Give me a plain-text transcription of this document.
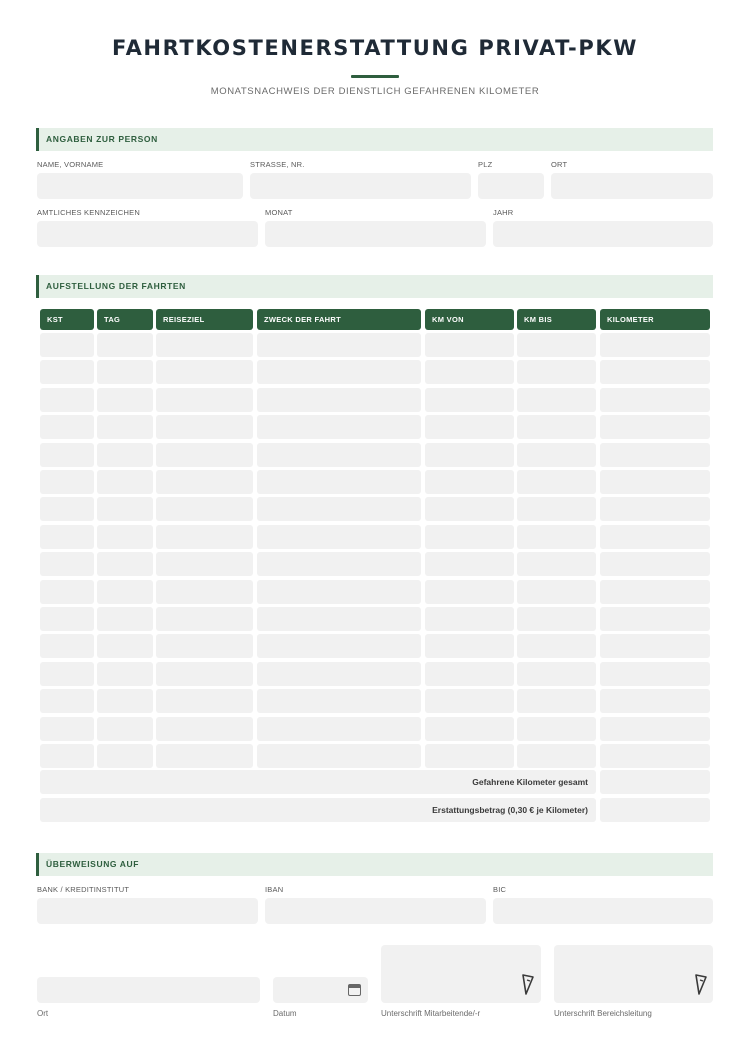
FAHRTKOSTENERSTATTUNG PRIVAT-PKW
MONATSNACHWEIS DER DIENSTLICH GEFAHRENEN KILOMETER
ANGABEN ZUR PERSON
NAME, VORNAME	STRASSE, NR.	PLZ	ORT
AMTLICHES KENNZEICHEN	MONAT	JAHR
AUFSTELLUNG DER FAHRTEN
KST	TAG	REISEZIEL	ZWECK DER FAHRT	KM VON	KM BIS	KILOMETER
Gefahrene Kilometer gesamt
Erstattungsbetrag (0,30 € je Kilometer)
ÜBERWEISUNG AUF
BANK / KREDITINSTITUT	IBAN	BIC
Ort	Datum	Unterschrift Mitarbeitende/-r	Unterschrift Bereichsleitung
